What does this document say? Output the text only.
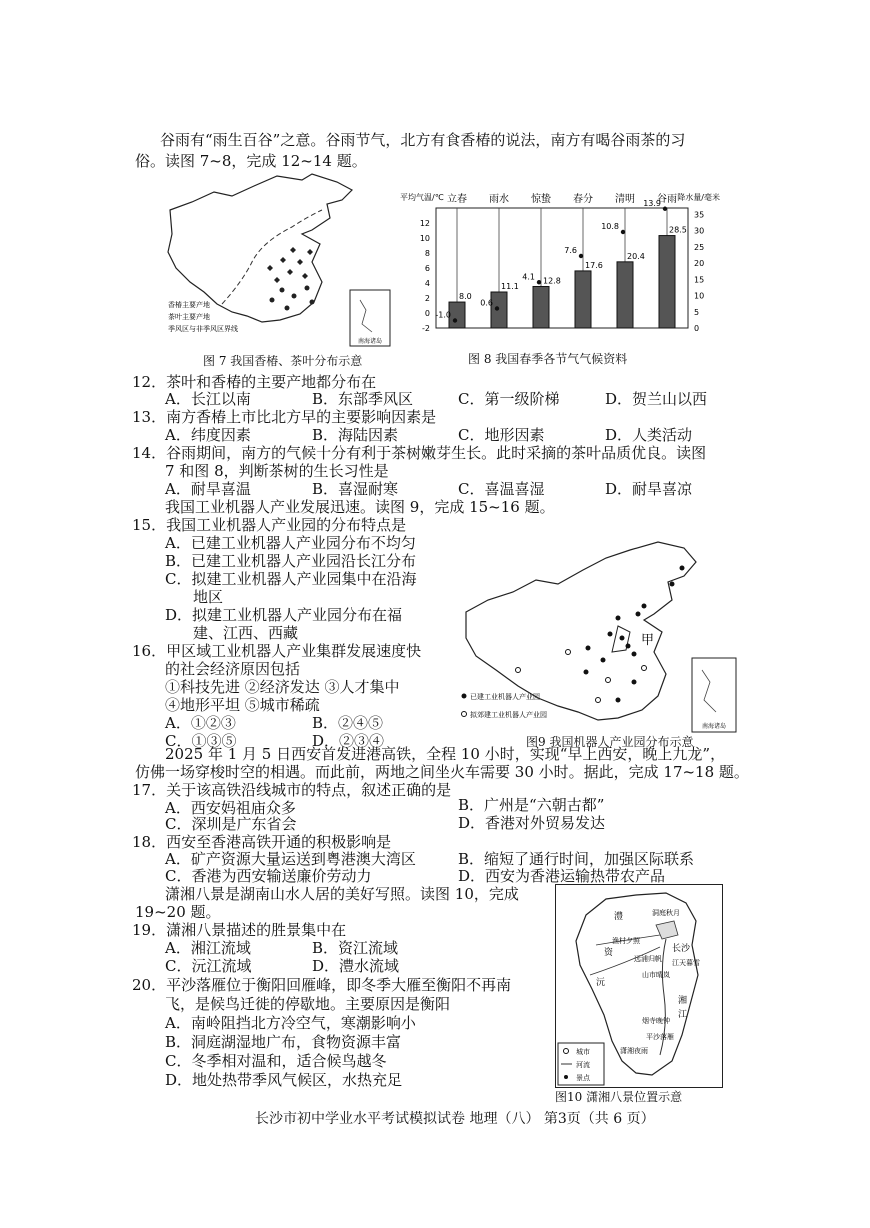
谷雨有“雨生百谷”之意。谷雨节气，北方有食香椿的说法，南方有喝谷雨茶的习
俗。读图 7~8，完成 12~14 题。
南海诸岛
香椿主要产地
茶叶主要产地
季风区与非季风区界线
图 7 我国香椿、茶叶分布示意
平均气温/℃	降水量/毫米
12
10
8
6
4
2
0
-2
35
30
25
20
15
10
5
0
立春
8.0
-1.0
雨水
11.1
0.6
惊蛰
12.8
4.1
春分
17.6
7.6
清明
20.4
10.8
谷雨
28.5
13.9
图 8 我国春季各节气气候资料
12．茶叶和香椿的主要产地都分布在
A．长江以南	B．东部季风区	C．第一级阶梯	D．贺兰山以西
13．南方香椿上市比北方早的主要影响因素是
A．纬度因素	B．海陆因素	C．地形因素	D．人类活动
14．谷雨期间，南方的气候十分有利于茶树嫩芽生长。此时采摘的茶叶品质优良。读图
7 和图 8，判断茶树的生长习性是
A．耐旱喜温	B．喜湿耐寒	C．喜温喜湿	D．耐旱喜凉
我国工业机器人产业发展迅速。读图 9，完成 15~16 题。
15．我国工业机器人产业园的分布特点是
A．已建工业机器人产业园分布不均匀
B．已建工业机器人产业园沿长江分布
C．拟建工业机器人产业园集中在沿海
地区
D．拟建工业机器人产业园分布在福
建、江西、西藏
16．甲区域工业机器人产业集群发展速度快
的社会经济原因包括
①科技先进 ②经济发达 ③人才集中
④地形平坦 ⑤城市稀疏
A．①②③	B．②④⑤
C．①③⑤	D．②③④
甲
南海诸岛
已建工业机器人产业园
拟郊建工业机器人产业园
图9 我国机器人产业园分布示意
2025 年 1 月 5 日西安首发进港高铁，全程 10 小时，实现“早上西安，晚上九龙”，
仿佛一场穿梭时空的相遇。而此前，两地之间坐火车需要 30 小时。据此，完成 17~18 题。
17．关于该高铁沿线城市的特点，叙述正确的是
A．西安妈祖庙众多	B．广州是“六朝古都”
C．深圳是广东省会	D．香港对外贸易发达
18．西安至香港高铁开通的积极影响是
A．矿产资源大量运送到粤港澳大湾区	B．缩短了通行时间，加强区际联系
C．香港为西安输送廉价劳动力	D．西安为香港运输热带农产品
潇湘八景是湖南山水人居的美好写照。读图 10，完成
19~20 题。
19．潇湘八景描述的胜景集中在
A．湘江流域	B．资江流域
C．沅江流域	D．澧水流域
20．平沙落雁位于衡阳回雁峰，即冬季大雁至衡阳不再南
飞，是候鸟迁徙的停歇地。主要原因是衡阳
A．南岭阻挡北方冷空气，寒潮影响小
B．洞庭湖湿地广布，食物资源丰富
C．冬季相对温和，适合候鸟越冬
D．地处热带季风气候区，水热充足
洞庭秋月
渔村夕照
远浦归帆
长沙
江天暮雪
山市晴岚
烟寺晚钟
平沙落雁
潇湘夜雨
湘
资
沅
澧
江
城市
河流
景点
图10 潇湘八景位置示意
长沙市初中学业水平考试模拟试卷 地理（八） 第3页（共 6 页）
